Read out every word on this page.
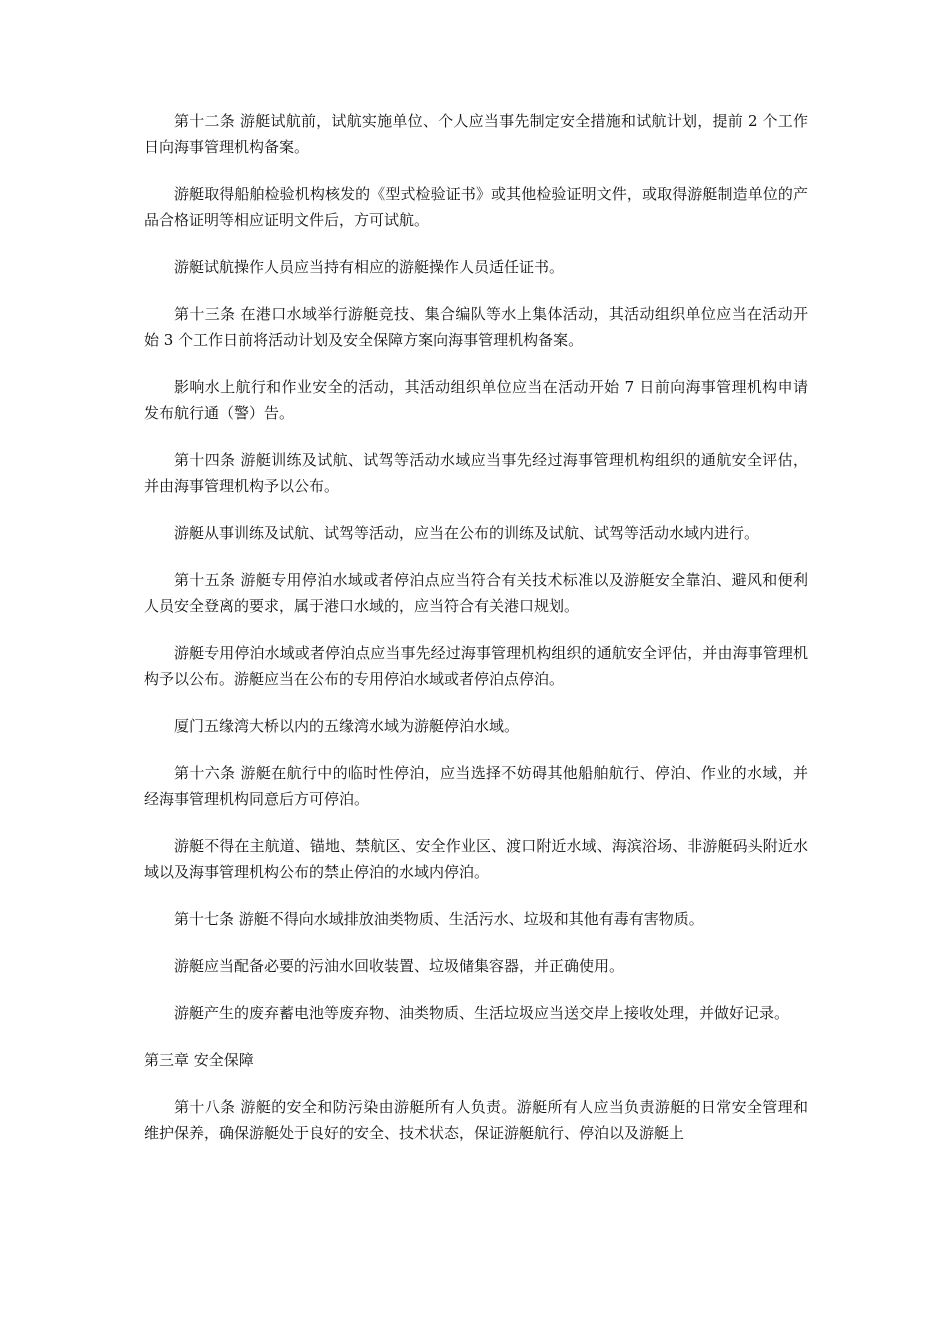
第十二条 游艇试航前，试航实施单位、个人应当事先制定安全措施和试航计划，提前 2 个工作日向海事管理机构备案。

游艇取得船舶检验机构核发的《型式检验证书》或其他检验证明文件，或取得游艇制造单位的产品合格证明等相应证明文件后，方可试航。

游艇试航操作人员应当持有相应的游艇操作人员适任证书。

第十三条 在港口水域举行游艇竞技、集合编队等水上集体活动，其活动组织单位应当在活动开始 3 个工作日前将活动计划及安全保障方案向海事管理机构备案。

影响水上航行和作业安全的活动，其活动组织单位应当在活动开始 7 日前向海事管理机构申请发布航行通（警）告。

第十四条 游艇训练及试航、试驾等活动水域应当事先经过海事管理机构组织的通航安全评估，并由海事管理机构予以公布。

游艇从事训练及试航、试驾等活动，应当在公布的训练及试航、试驾等活动水域内进行。

第十五条 游艇专用停泊水域或者停泊点应当符合有关技术标准以及游艇安全靠泊、避风和便利人员安全登离的要求，属于港口水域的，应当符合有关港口规划。

游艇专用停泊水域或者停泊点应当事先经过海事管理机构组织的通航安全评估，并由海事管理机构予以公布。游艇应当在公布的专用停泊水域或者停泊点停泊。

厦门五缘湾大桥以内的五缘湾水域为游艇停泊水域。

第十六条 游艇在航行中的临时性停泊，应当选择不妨碍其他船舶航行、停泊、作业的水域，并经海事管理机构同意后方可停泊。

游艇不得在主航道、锚地、禁航区、安全作业区、渡口附近水域、海滨浴场、非游艇码头附近水域以及海事管理机构公布的禁止停泊的水域内停泊。

第十七条 游艇不得向水域排放油类物质、生活污水、垃圾和其他有毒有害物质。

游艇应当配备必要的污油水回收装置、垃圾储集容器，并正确使用。

游艇产生的废弃蓄电池等废弃物、油类物质、生活垃圾应当送交岸上接收处理，并做好记录。

第三章 安全保障

第十八条 游艇的安全和防污染由游艇所有人负责。游艇所有人应当负责游艇的日常安全管理和维护保养，确保游艇处于良好的安全、技术状态，保证游艇航行、停泊以及游艇上
